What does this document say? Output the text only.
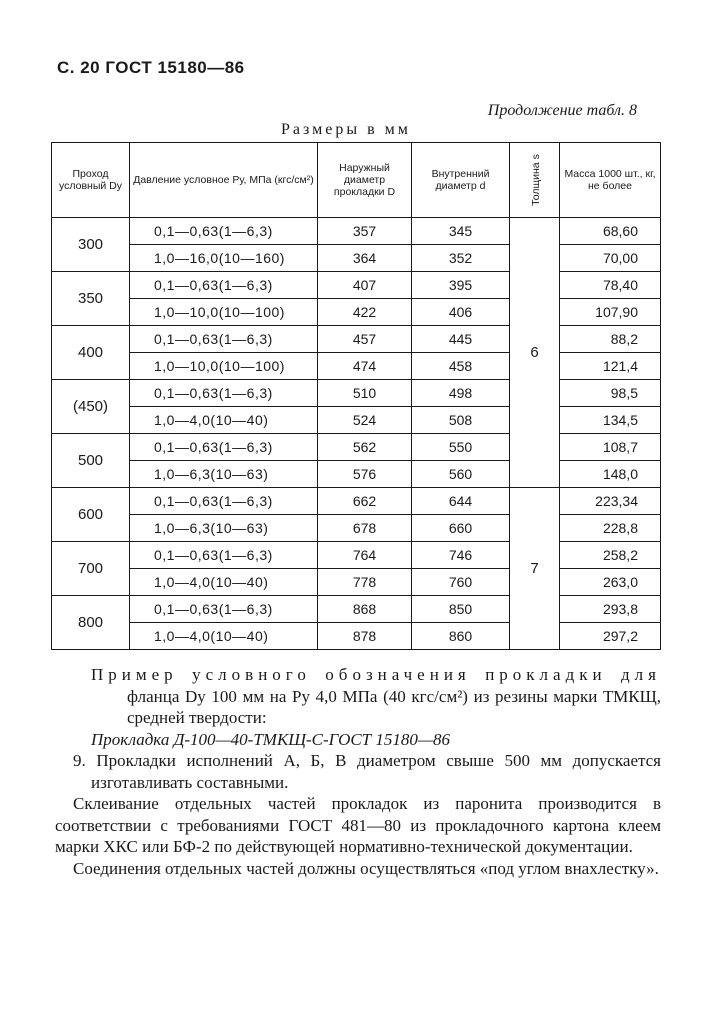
С. 20 ГОСТ 15180—86
Продолжение табл. 8
Размеры в мм
Проход условный Dу	Давление условное Pу, МПа (кгс/см²)	Наружный диаметр прокладки D	Внутренний диаметр d	Толщина s	Масса 1000 шт., кг, не более
300	0,1—0,63(1—6,3)	357	345	6	68,60
	1,0—16,0(10—160)	364	352		70,00
350	0,1—0,63(1—6,3)	407	395		78,40
	1,0—10,0(10—100)	422	406		107,90
400	0,1—0,63(1—6,3)	457	445		88,2
	1,0—10,0(10—100)	474	458		121,4
(450)	0,1—0,63(1—6,3)	510	498		98,5
	1,0—4,0(10—40)	524	508		134,5
500	0,1—0,63(1—6,3)	562	550		108,7
	1,0—6,3(10—63)	576	560		148,0
600	0,1—0,63(1—6,3)	662	644	7	223,34
	1,0—6,3(10—63)	678	660		228,8
700	0,1—0,63(1—6,3)	764	746		258,2
	1,0—4,0(10—40)	778	760		263,0
800	0,1—0,63(1—6,3)	868	850		293,8
	1,0—4,0(10—40)	878	860		297,2

Пример условного обозначения прокладки для фланца Dу 100 мм на Pу 4,0 МПа (40 кгс/см²) из резины марки ТМКЩ, средней твердости:

Прокладка Д-100—40-ТМКЩ-С-ГОСТ 15180—86

9. Прокладки исполнений А, Б, В диаметром свыше 500 мм допускается изготавливать составными.

Склеивание отдельных частей прокладок из паронита производится в соответствии с требованиями ГОСТ 481—80 из прокладочного картона клеем марки ХКС или БФ-2 по действующей нормативно-технической документации.

Соединения отдельных частей должны осуществляться «под углом внахлестку».
